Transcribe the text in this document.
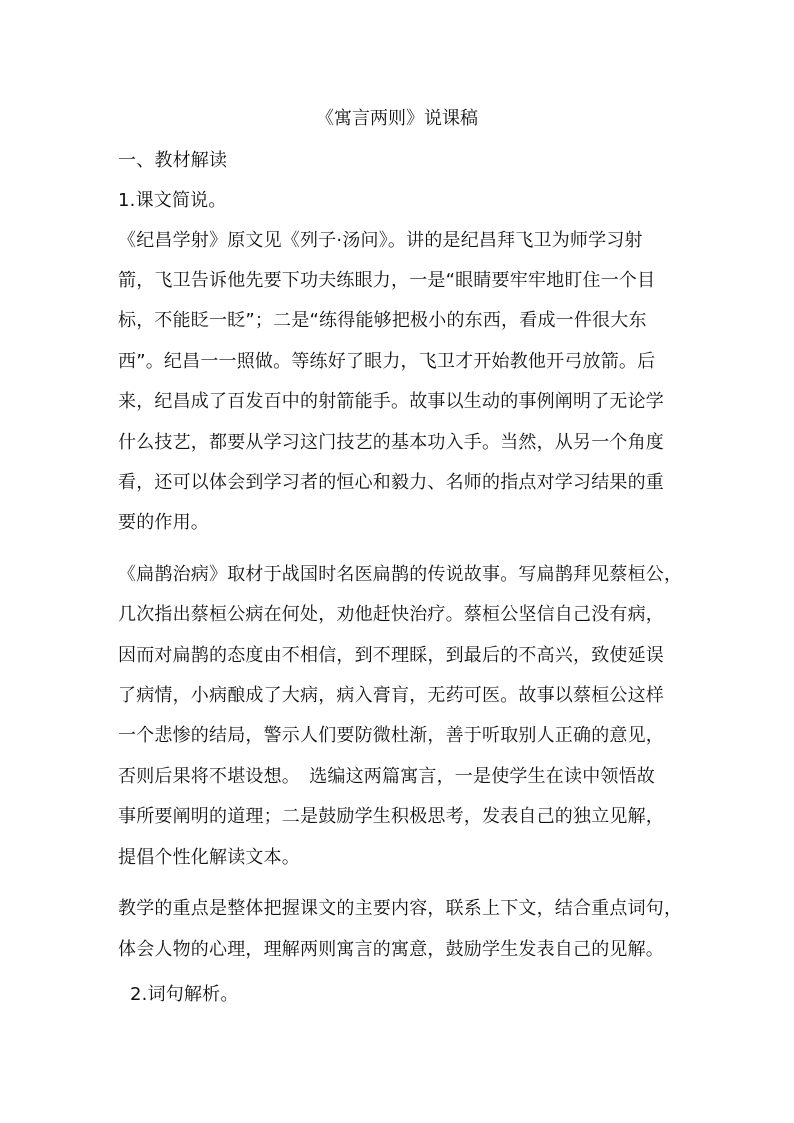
《寓言两则》说课稿
一、教材解读
1.课文简说。
《纪昌学射》原文见《列子·汤问》。讲的是纪昌拜飞卫为师学习射
箭，飞卫告诉他先要下功夫练眼力，一是“眼睛要牢牢地盯住一个目
标，不能眨一眨”；二是“练得能够把极小的东西，看成一件很大东
西”。纪昌一一照做。等练好了眼力，飞卫才开始教他开弓放箭。后
来，纪昌成了百发百中的射箭能手。故事以生动的事例阐明了无论学
什么技艺，都要从学习这门技艺的基本功入手。当然，从另一个角度
看，还可以体会到学习者的恒心和毅力、名师的指点对学习结果的重
要的作用。
《扁鹊治病》取材于战国时名医扁鹊的传说故事。写扁鹊拜见蔡桓公，
几次指出蔡桓公病在何处，劝他赶快治疗。蔡桓公坚信自己没有病，
因而对扁鹊的态度由不相信，到不理睬，到最后的不高兴，致使延误
了病情，小病酿成了大病，病入膏肓，无药可医。故事以蔡桓公这样
一个悲惨的结局，警示人们要防微杜渐，善于听取别人正确的意见，
否则后果将不堪设想。　选编这两篇寓言，一是使学生在读中领悟故
事所要阐明的道理；二是鼓励学生积极思考，发表自己的独立见解，
提倡个性化解读文本。
教学的重点是整体把握课文的主要内容，联系上下文，结合重点词句，
体会人物的心理，理解两则寓言的寓意，鼓励学生发表自己的见解。
2.词句解析。
